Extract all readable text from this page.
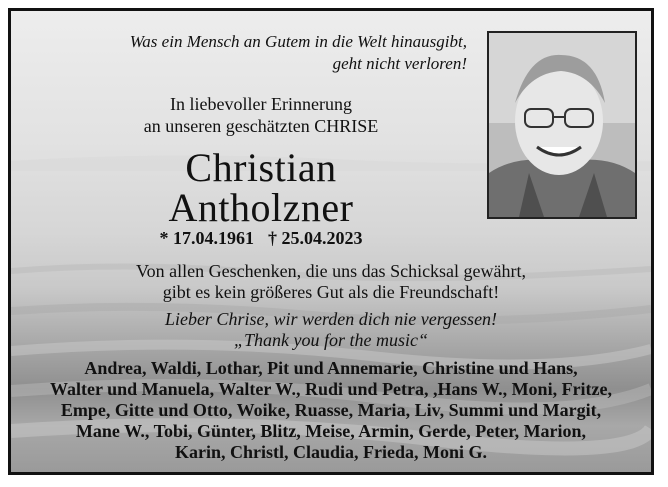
Was ein Mensch an Gutem in die Welt hinausgibt,
geht nicht verloren!
In liebevoller Erinnerung
an unseren geschätzten CHRISE
Christian
Antholzner
* 17.04.1961 † 25.04.2023
Von allen Geschenken, die uns das Schicksal gewährt,
gibt es kein größeres Gut als die Freundschaft!
Lieber Chrise, wir werden dich nie vergessen!
„Thank you for the music“
Andrea, Waldi, Lothar, Pit und Annemarie, Christine und Hans,
Walter und Manuela, Walter W., Rudi und Petra, ,Hans W., Moni, Fritze,
Empe, Gitte und Otto, Woike, Ruasse, Maria, Liv, Summi und Margit,
Mane W., Tobi, Günter, Blitz, Meise, Armin, Gerde, Peter, Marion,
Karin, Christl, Claudia, Frieda, Moni G.
